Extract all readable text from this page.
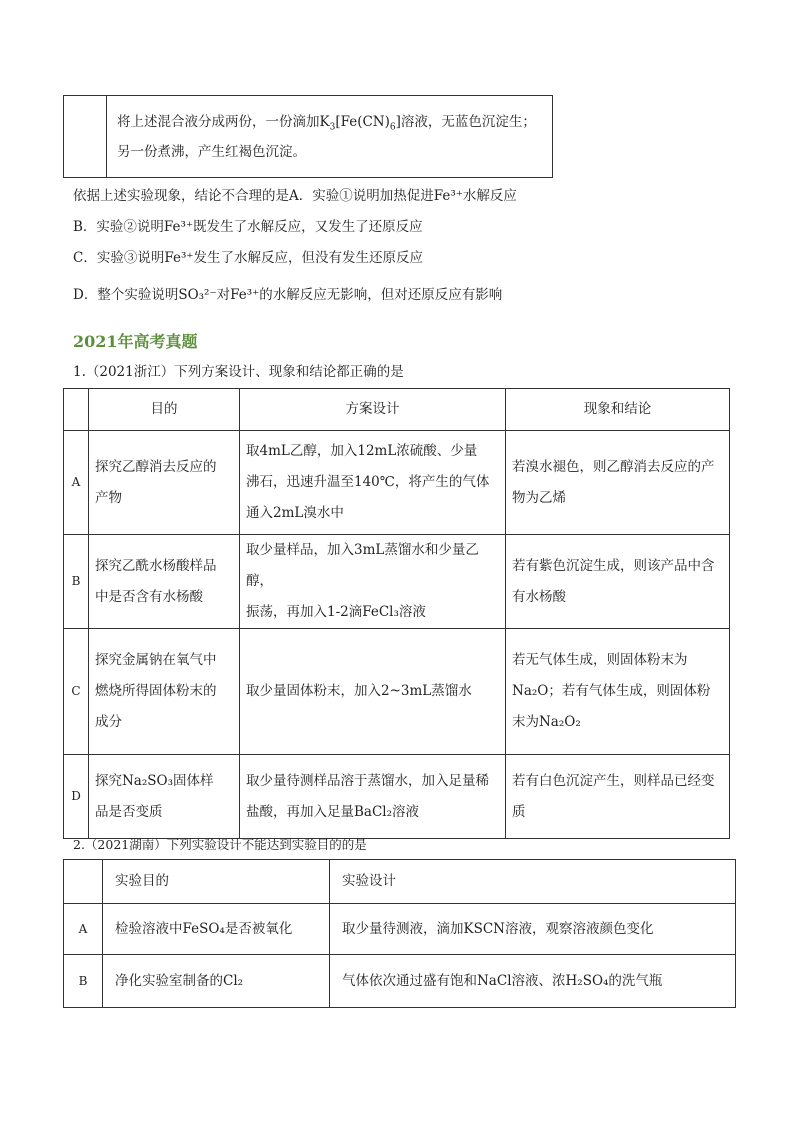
	将上述混合液分成两份，一份滴加$K_3[Fe(CN)_6]$溶液，无蓝色沉淀生；
另一份煮沸，产生红褐色沉淀。
依据上述实验现象，结论不合理的是A．实验①说明加热促进Fe³⁺水解反应
B．实验②说明Fe³⁺既发生了水解反应，又发生了还原反应
C．实验③说明Fe³⁺发生了水解反应，但没有发生还原反应
D．整个实验说明SO₃²⁻对Fe³⁺的水解反应无影响，但对还原反应有影响
2021年高考真题
1.（2021浙江）下列方案设计、现象和结论都正确的是
	目的	方案设计	现象和结论
A	探究乙醇消去反应的
产物	取4mL乙醇，加入12mL浓硫酸、少量
沸石，迅速升温至140℃，将产生的气体
通入2mL溴水中	若溴水褪色，则乙醇消去反应的产
物为乙烯
B	探究乙酰水杨酸样品
中是否含有水杨酸	取少量样品，加入3mL蒸馏水和少量乙醇，
振荡，再加入1-2滴FeCl₃溶液	若有紫色沉淀生成，则该产品中含
有水杨酸
C	探究金属钠在氧气中
燃烧所得固体粉末的
成分	取少量固体粉末，加入2~3mL蒸馏水	若无气体生成，则固体粉末为
Na₂O；若有气体生成，则固体粉
末为Na₂O₂
D	探究Na₂SO₃固体样
品是否变质	取少量待测样品溶于蒸馏水，加入足量稀
盐酸，再加入足量BaCl₂溶液	若有白色沉淀产生，则样品已经变
质
2.（2021湖南）下列实验设计不能达到实验目的的是
	实验目的	实验设计
A	检验溶液中FeSO₄是否被氧化	取少量待测液，滴加KSCN溶液，观察溶液颜色变化
B	净化实验室制备的Cl₂	气体依次通过盛有饱和NaCl溶液、浓H₂SO₄的洗气瓶
